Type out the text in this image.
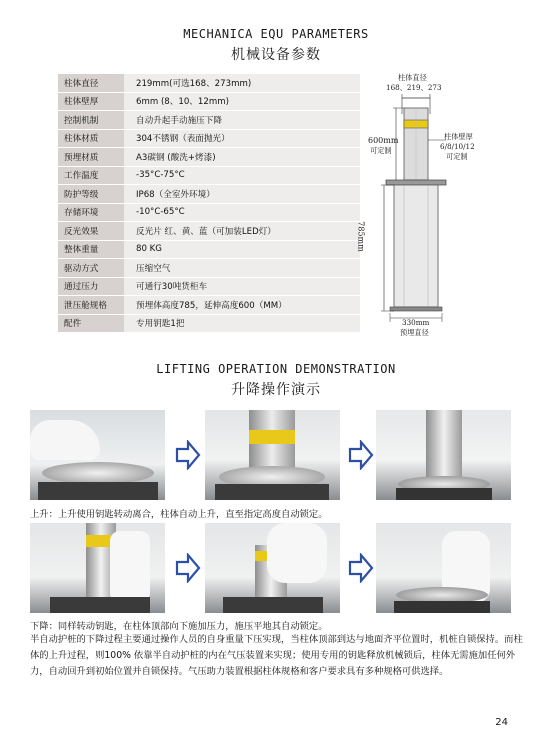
MECHANICA EQU PARAMETERS
机械设备参数
柱体直径	219mm(可选168、273mm)
柱体壁厚	6mm (8、10、12mm)
控制机制	自动升起手动施压下降
柱体材质	304不锈钢（表面抛光）
预埋材质	A3碳钢 (酸洗+烤漆)
工作温度	-35°C-75°C
防护等级	IP68（全室外环境）
存储环境	-10°C-65°C
反光效果	反光片 红、黄、蓝（可加装LED灯）
整体重量	80 KG
驱动方式	压缩空气
通过压力	可通行30吨货柜车
泄压舱规格	预埋体高度785，延伸高度600（MM）
配件	专用钥匙1把
柱体直径
168、219、273
600mm
可定制
柱体壁厚
6/8/10/12
可定制
785mm
330mm
预埋直径
LIFTING OPERATION DEMONSTRATION
升降操作演示
上升：上升使用钥匙转动离合，柱体自动上升，直至指定高度自动锁定。
下降：同样转动钥匙，在柱体顶部向下施加压力，施压平地其自动锁定。
半自动护桩的下降过程主要通过操作人员的自身重量下压实现，当柱体顶部到达与地面齐平位置时，机桩自锁保持。而柱体的上升过程，则100% 依靠半自动护桩的内在气压装置来实现；使用专用的钥匙释放机械锁后，柱体无需施加任何外力，自动回升到初始位置并自锁保持。气压助力装置根据柱体规格和客户要求具有多种规格可供选择。
24
